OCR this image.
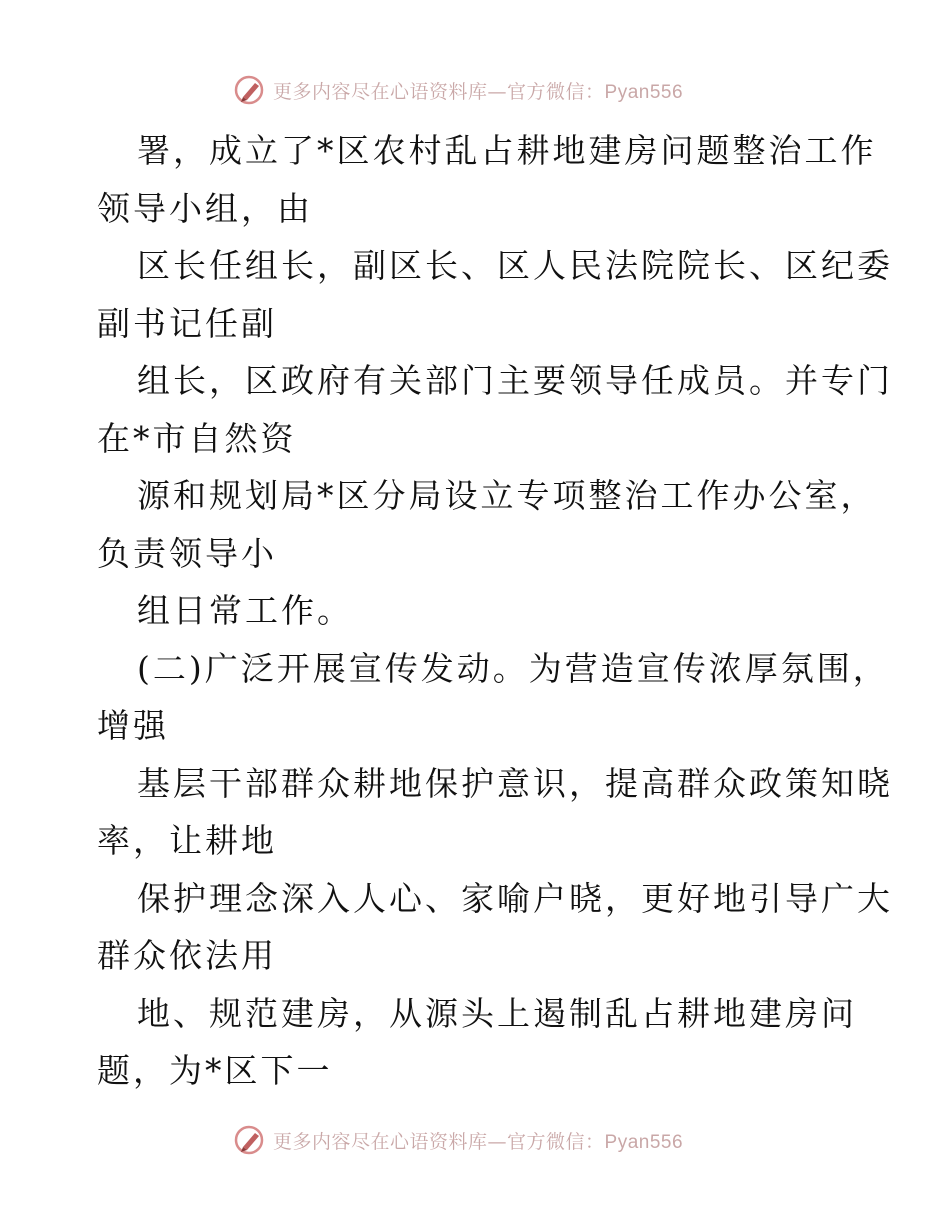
更多内容尽在心语资料库—官方微信：Pyan556
署，成立了*区农村乱占耕地建房问题整治工作
领导小组，由
区长任组长，副区长、区人民法院院长、区纪委
副书记任副
组长，区政府有关部门主要领导任成员。并专门
在*市自然资
源和规划局*区分局设立专项整治工作办公室，
负责领导小
组日常工作。
(二)广泛开展宣传发动。为营造宣传浓厚氛围，
增强
基层干部群众耕地保护意识，提高群众政策知晓
率，让耕地
保护理念深入人心、家喻户晓，更好地引导广大
群众依法用
地、规范建房，从源头上遏制乱占耕地建房问
题，为*区下一
更多内容尽在心语资料库—官方微信：Pyan556
